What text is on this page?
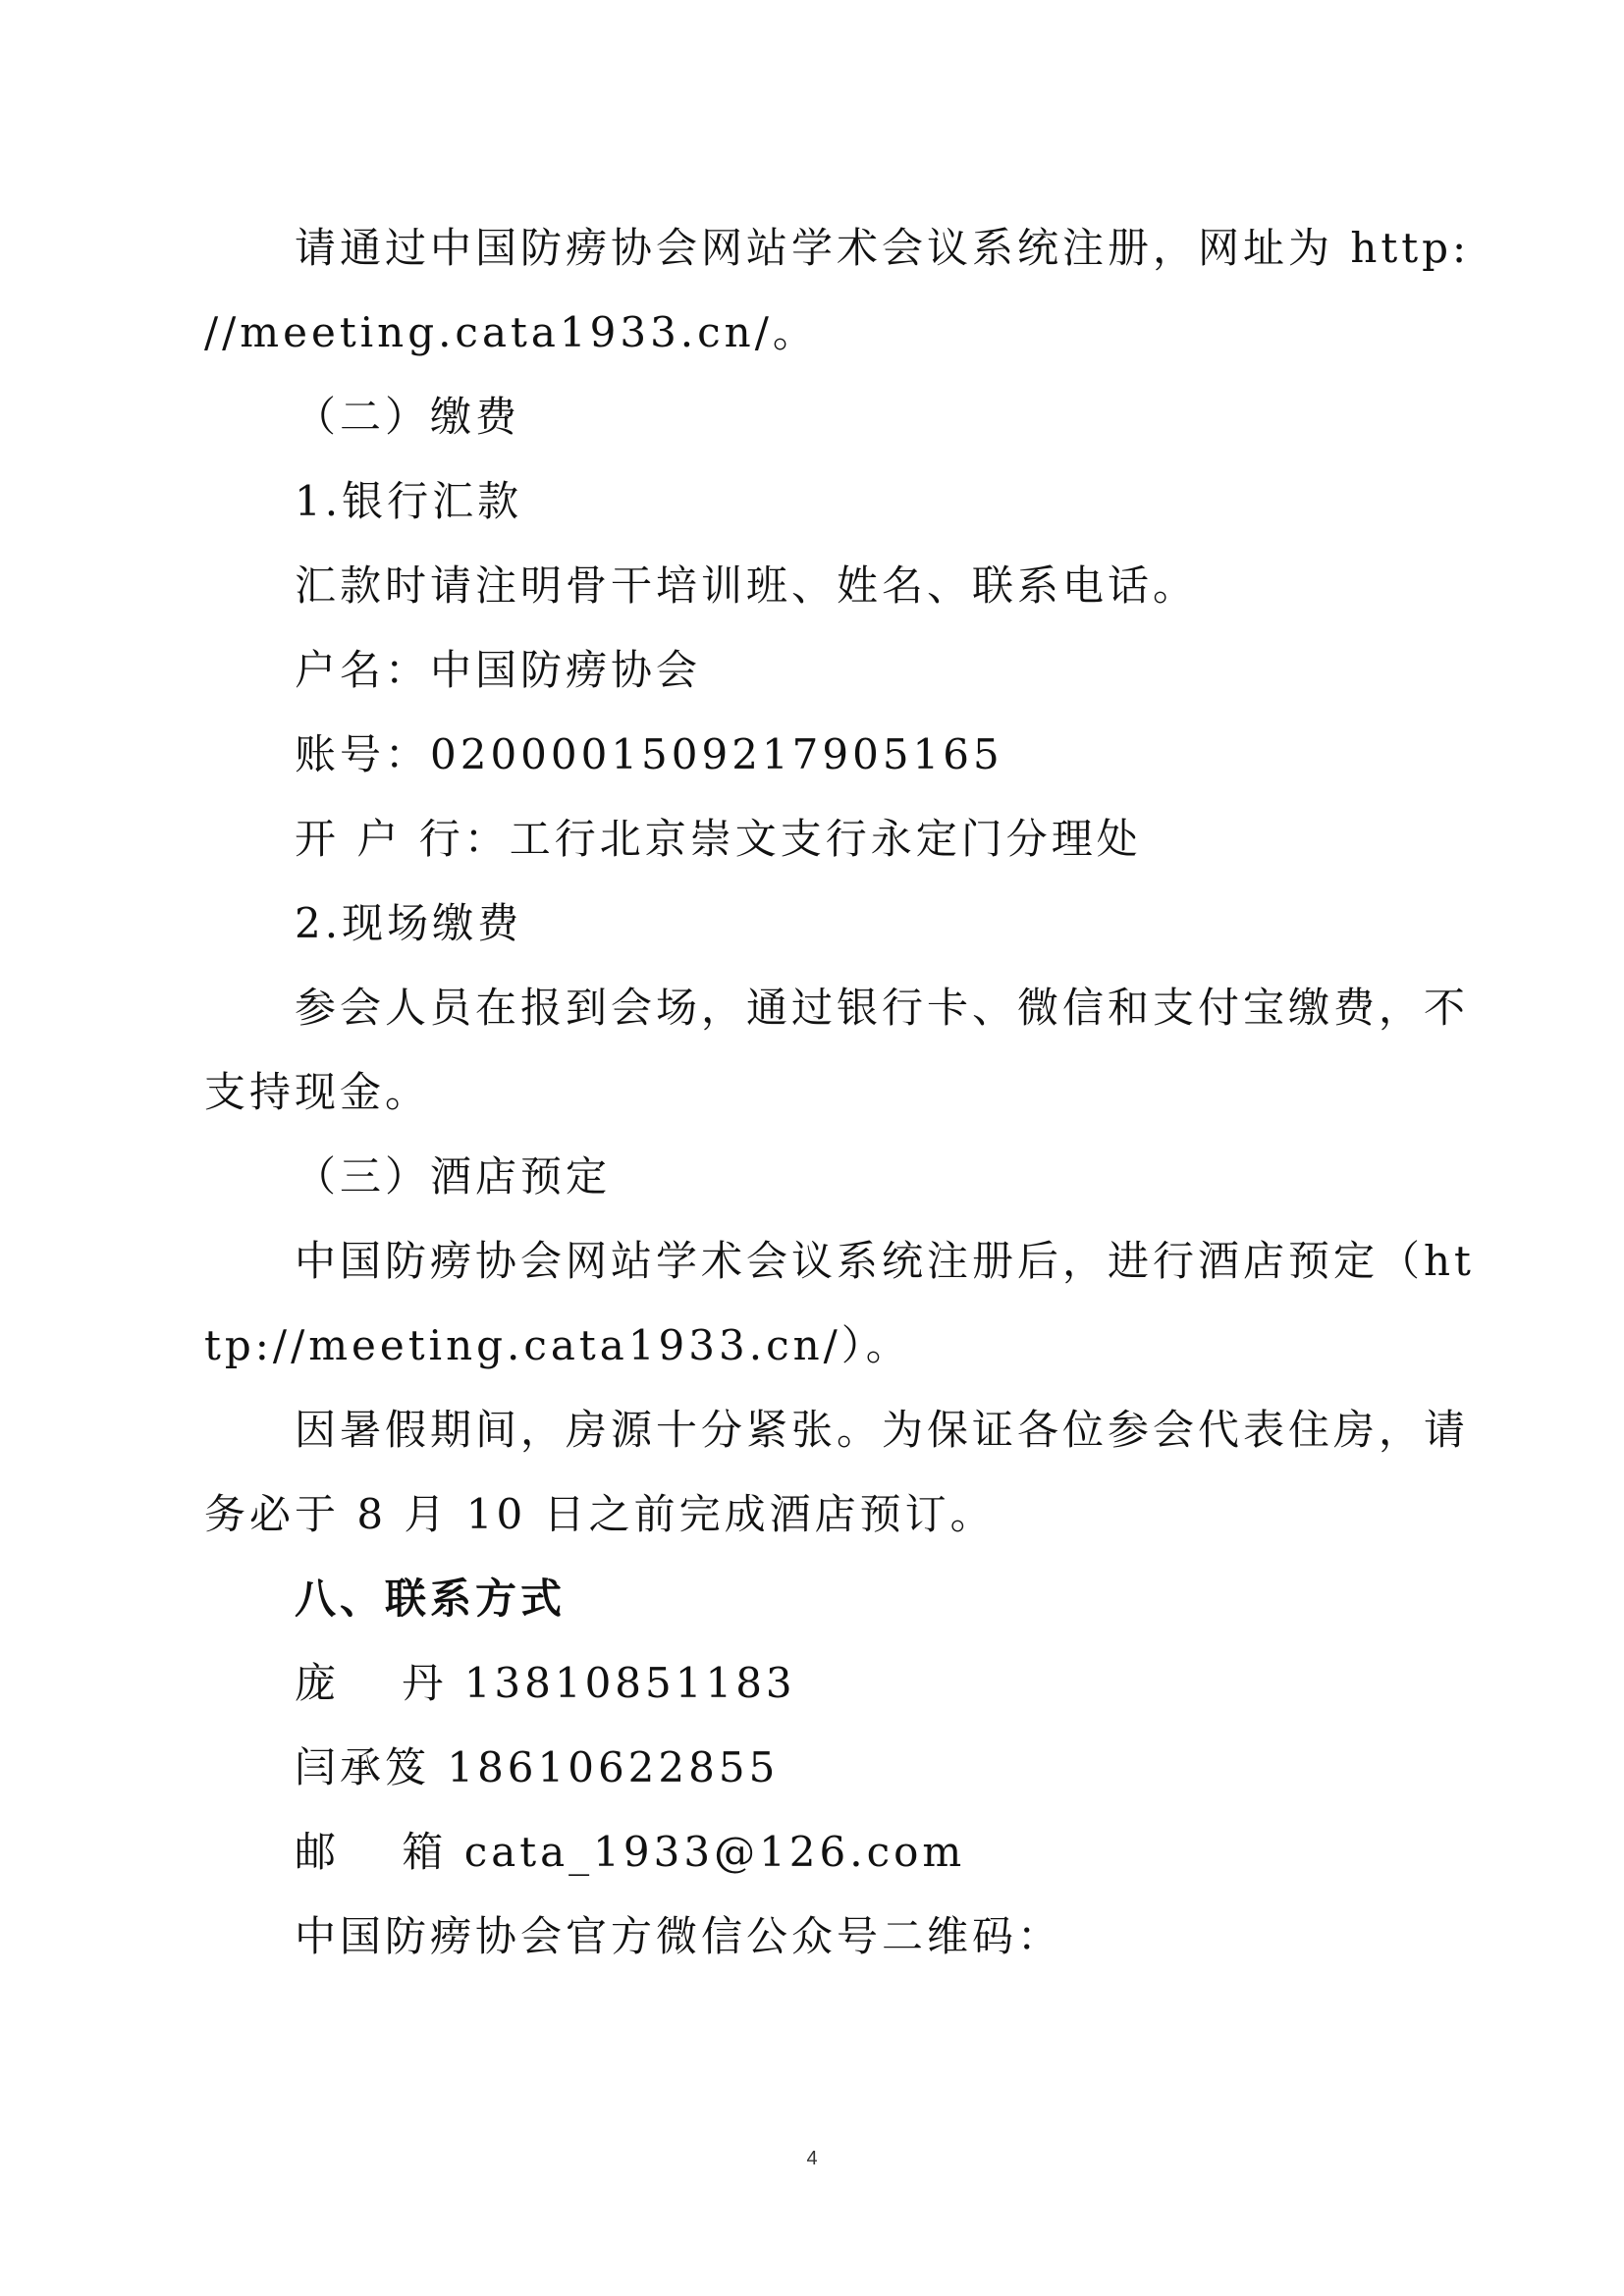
请通过中国防痨协会网站学术会议系统注册，网址为 http:
//meeting.cata1933.cn/。
（二）缴费
1.银行汇款
汇款时请注明骨干培训班、姓名、联系电话。
户名：中国防痨协会
账号：0200001509217905165
开 户 行：工行北京崇文支行永定门分理处
2.现场缴费
参会人员在报到会场，通过银行卡、微信和支付宝缴费，不
支持现金。
（三）酒店预定
中国防痨协会网站学术会议系统注册后，进行酒店预定（ht
tp://meeting.cata1933.cn/）。
因暑假期间，房源十分紧张。为保证各位参会代表住房，请
务必于 8 月 10 日之前完成酒店预订。
八、联系方式
庞　 丹 13810851183
闫承笈 18610622855
邮　 箱 cata_1933@126.com
中国防痨协会官方微信公众号二维码：
4
